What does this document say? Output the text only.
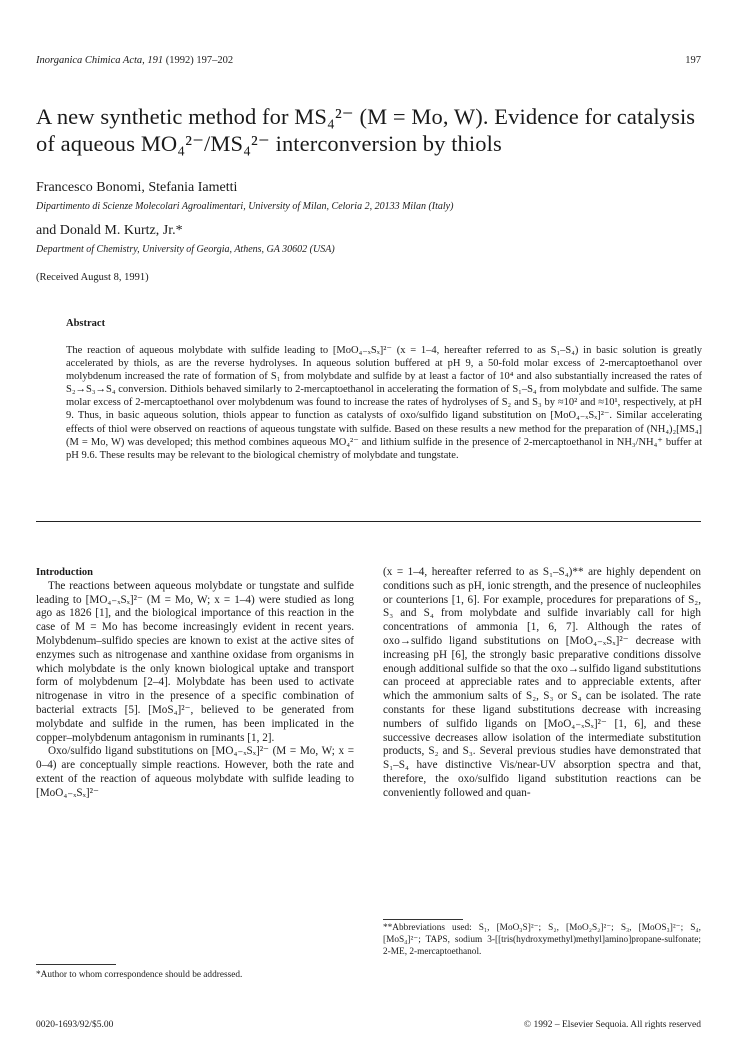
Inorganica Chimica Acta, 191 (1992) 197–202	197
A new synthetic method for MS₄²⁻ (M = Mo, W). Evidence for catalysis of aqueous MO₄²⁻/MS₄²⁻ interconversion by thiols

Francesco Bonomi, Stefania Iametti

Dipartimento di Scienze Molecolari Agroalimentari, University of Milan, Celoria 2, 20133 Milan (Italy)

and Donald M. Kurtz, Jr.*

Department of Chemistry, University of Georgia, Athens, GA 30602 (USA)

(Received August 8, 1991)

Abstract

The reaction of aqueous molybdate with sulfide leading to [MoO₄₋ₓSₓ]²⁻ (x = 1–4, hereafter referred to as S₁–S₄) in basic solution is greatly accelerated by thiols, as are the reverse hydrolyses. In aqueous solution buffered at pH 9, a 50-fold molar excess of 2-mercaptoethanol over molybdenum increased the rate of formation of S₁ from molybdate and sulfide by at least a factor of 10⁴ and also substantially increased the rates of S₂→S₃→S₄ conversion. Dithiols behaved similarly to 2-mercaptoethanol in accelerating the formation of S₁–S₄ from molybdate and sulfide. The same molar excess of 2-mercaptoethanol over molybdenum was found to increase the rates of hydrolyses of S₂ and S₃ by ≈10² and ≈10¹, respectively, at pH 9. Thus, in basic aqueous solution, thiols appear to function as catalysts of oxo/sulfido ligand substitution on [MoO₄₋ₓSₓ]²⁻. Similar accelerating effects of thiol were observed on reactions of aqueous tungstate with sulfide. Based on these results a new method for the preparation of (NH₄)₂[MS₄] (M = Mo, W) was developed; this method combines aqueous MO₄²⁻ and lithium sulfide in the presence of 2-mercaptoethanol in NH₃/NH₄⁺ buffer at pH 9.6. These results may be relevant to the biological chemistry of molybdate and tungstate.

Introduction

The reactions between aqueous molybdate or tungstate and sulfide leading to [MO₄₋ₓSₓ]²⁻ (M = Mo, W; x = 1–4) were studied as long ago as 1826 [1], and the biological importance of this reaction in the case of M = Mo has become increasingly evident in recent years. Molybdenum–sulfido species are known to exist at the active sites of enzymes such as nitrogenase and xanthine oxidase from organisms in which molybdate is the only known biological uptake and transport form of molybdenum [2–4]. Molybdate has been used to activate nitrogenase in vitro in the presence of a specific combination of bacterial extracts [5]. [MoS₄]²⁻, believed to be generated from molybdate and sulfide in the rumen, has been implicated in the copper–molybdenum antagonism in ruminants [1, 2].

Oxo/sulfido ligand substitutions on [MO₄₋ₓSₓ]²⁻ (M = Mo, W; x = 0–4) are conceptually simple reactions. However, both the rate and extent of the reaction of aqueous molybdate with sulfide leading to [MoO₄₋ₓSₓ]²⁻

(x = 1–4, hereafter referred to as S₁–S₄)** are highly dependent on conditions such as pH, ionic strength, and the presence of nucleophiles or counterions [1, 6]. For example, procedures for preparations of S₂, S₃ and S₄ from molybdate and sulfide invariably call for high concentrations of ammonia [1, 6, 7]. Although the rates of oxo→sulfido ligand substitutions on [MoO₄₋ₓSₓ]²⁻ decrease with increasing pH [6], the strongly basic preparative conditions dissolve enough additional sulfide so that the oxo→sulfido ligand substitutions can proceed at appreciable rates and to appreciable extents, after which the ammonium salts of S₂, S₃ or S₄ can be isolated. The rate constants for these ligand substitutions decrease with increasing numbers of sulfido ligands on [MoO₄₋ₓSₓ]²⁻ [1, 6], and these successive decreases allow isolation of the intermediate substitution products, S₂ and S₃. Several previous studies have demonstrated that S₁–S₄ have distinctive Vis/near-UV absorption spectra and that, therefore, the oxo/sulfido ligand substitution reactions can be conveniently followed and quan-

*Author to whom correspondence should be addressed.
**Abbreviations used: S₁, [MoO₃S]²⁻; S₂, [MoO₂S₂]²⁻; S₃, [MoOS₃]²⁻; S₄, [MoS₄]²⁻; TAPS, sodium 3-[[tris(hydroxymethyl)methyl]amino]propane-sulfonate; 2-ME, 2-mercaptoethanol.
0020-1693/92/$5.00	© 1992 – Elsevier Sequoia. All rights reserved
